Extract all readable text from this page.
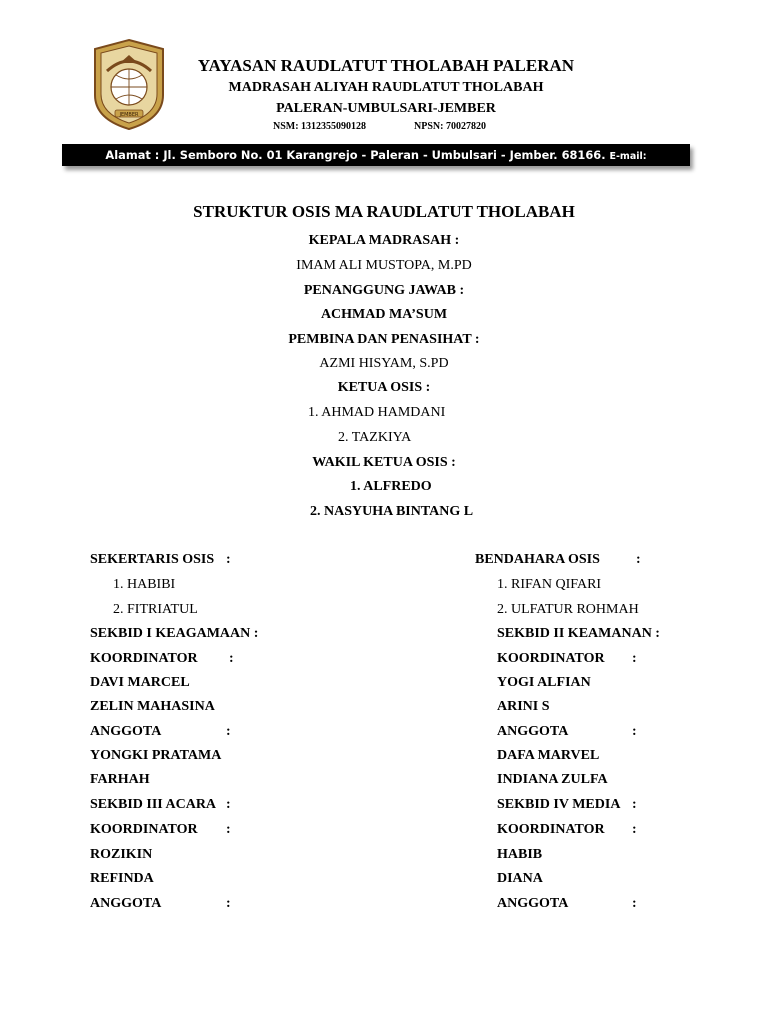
JEMBER
YAYASAN RAUDLATUT THOLABAH PALERAN
MADRASAH ALIYAH RAUDLATUT THOLABAH
PALERAN-UMBULSARI-JEMBER
NSM: 1312355090128	NPSN: 70027820
Alamat : Jl. Semboro No. 01 Karangrejo - Paleran - Umbulsari - Jember. 68166. E-mail:
STRUKTUR OSIS MA RAUDLATUT THOLABAH
KEPALA MADRASAH :
IMAM ALI MUSTOPA, M.PD
PENANGGUNG JAWAB :
ACHMAD MA’SUM
PEMBINA DAN PENASIHAT :
AZMI HISYAM, S.PD
KETUA OSIS :
1. AHMAD HAMDANI
2. TAZKIYA
WAKIL KETUA OSIS :
1. ALFREDO
2. NASYUHA BINTANG L
SEKERTARIS OSIS :
1. HABIBI
2. FITRIATUL
SEKBID I KEAGAMAAN :
KOORDINATOR :
DAVI MARCEL
ZELIN MAHASINA
ANGGOTA	:
YONGKI PRATAMA
FARHAH
SEKBID III ACARA :
KOORDINATOR :
ROZIKIN
REFINDA
ANGGOTA	:
BENDAHARA OSIS	:
1. RIFAN QIFARI
2. ULFATUR ROHMAH
SEKBID II KEAMANAN :
KOORDINATOR :
YOGI ALFIAN
ARINI S
ANGGOTA	:
DAFA MARVEL
INDIANA ZULFA
SEKBID IV MEDIA :
KOORDINATOR :
HABIB
DIANA
ANGGOTA	:
